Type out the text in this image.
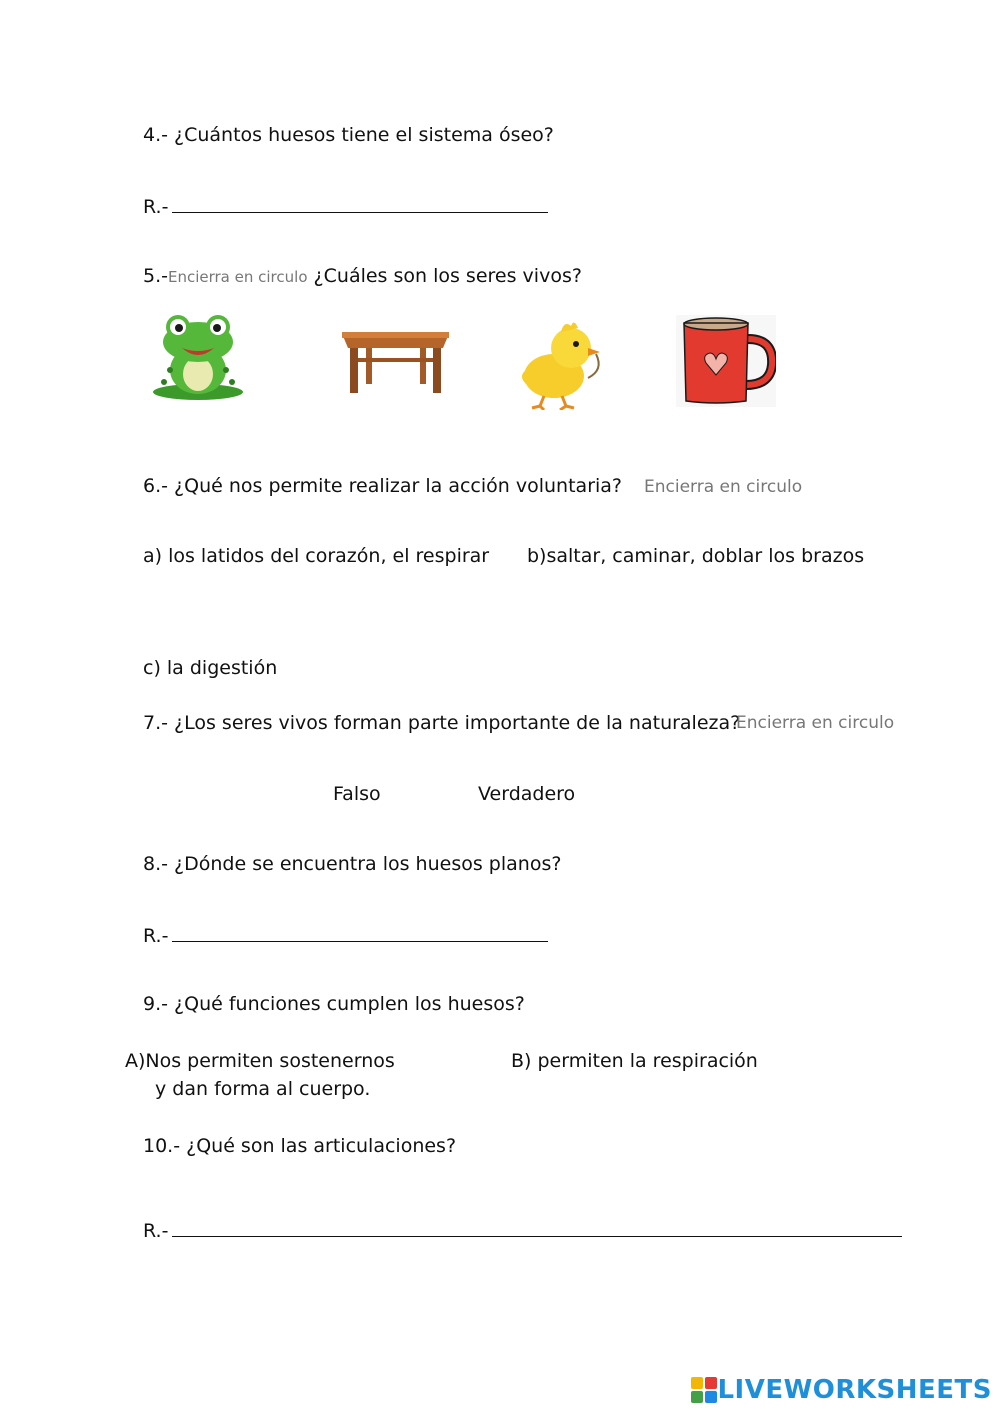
4.- ¿Cuántos huesos tiene el sistema óseo?
R.-
5.-Encierra en circulo ¿Cuáles son los seres vivos?
6.- ¿Qué nos permite realizar la acción voluntaria? Encierra en circulo
a) los latidos del corazón, el respirar b)saltar, caminar, doblar los brazos
c) la digestión
7.- ¿Los seres vivos forman parte importante de la naturaleza?
Encierra en circulo
Falso	Verdadero
8.- ¿Dónde se encuentra los huesos planos?
R.-
9.- ¿Qué funciones cumplen los huesos?
A)Nos permiten sostenernos
y dan forma al cuerpo.
B) permiten la respiración
10.- ¿Qué son las articulaciones?
R.-
LIVEWORKSHEETS
